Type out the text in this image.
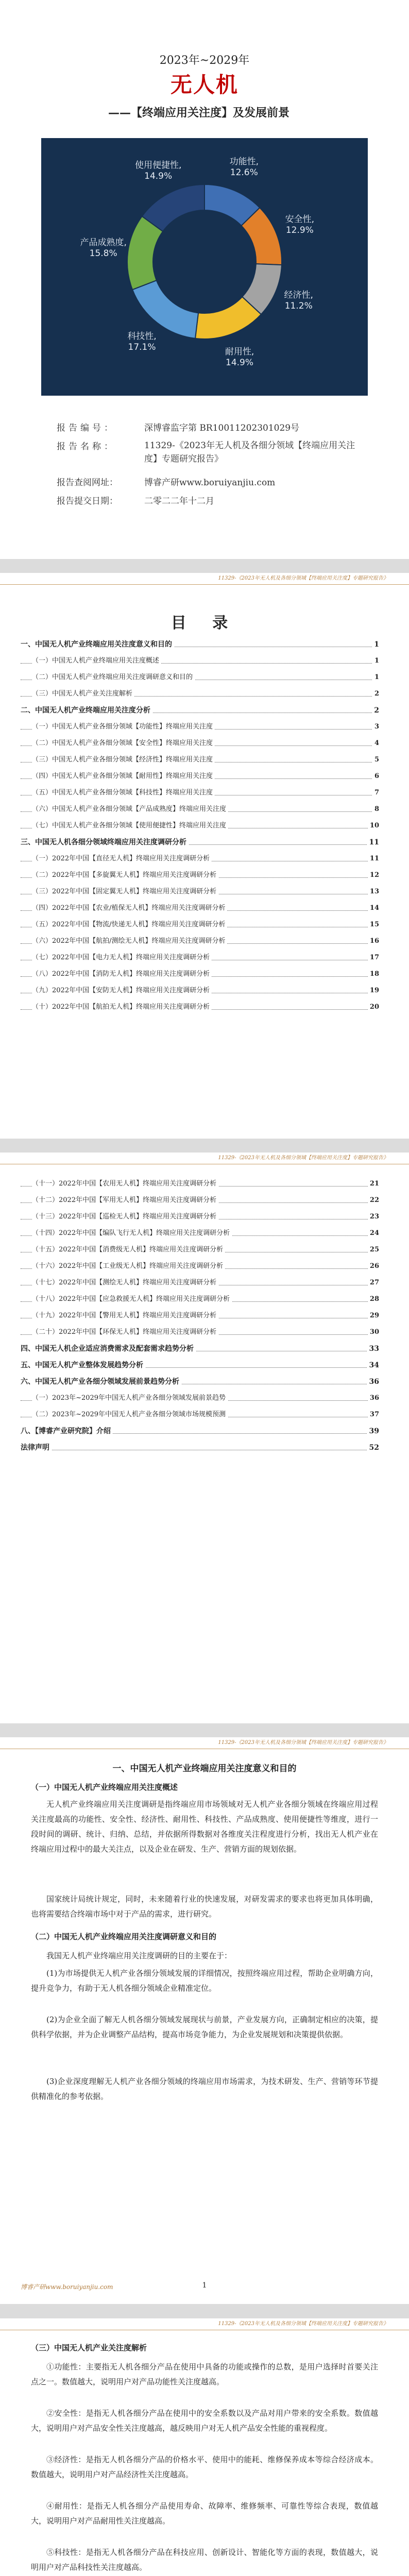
2023年~2029年
无人机
——【终端应用关注度】及发展前景
功能性,
12.6%
安全性,
12.9%
经济性,
11.2%
耐用性,
14.9%
科技性,
17.1%
产品成熟度,
15.8%
使用便捷性,
14.9%
报告编号：	深博睿监字第 BR10011202301029号
报告名称：	11329-《2023年无人机及各细分领域【终端应用关注度】专题研究报告》
报告查阅网址：	博睿产研www.boruiyanjiu.com
报告提交日期：	二零二二年十二月
11329-《2023年无人机及各细分领域【终端应用关注度】专题研究报告》
目 录
一、中国无人机产业终端应用关注度意义和目的	1
（一）中国无人机产业终端应用关注度概述	1
（二）中国无人机产业终端应用关注度调研意义和目的	1
（三）中国无人机产业关注度解析	2
二、中国无人机产业终端应用关注度分析	2
（一）中国无人机产业各细分领域【功能性】终端应用关注度	3
（二）中国无人机产业各细分领域【安全性】终端应用关注度	4
（三）中国无人机产业各细分领域【经济性】终端应用关注度	5
（四）中国无人机产业各细分领域【耐用性】终端应用关注度	6
（五）中国无人机产业各细分领域【科技性】终端应用关注度	7
（六）中国无人机产业各细分领域【产品成熟度】终端应用关注度	8
（七）中国无人机产业各细分领域【使用便捷性】终端应用关注度	10
三、中国无人机各细分领域终端应用关注度调研分析	11
（一）2022年中国【直径无人机】终端应用关注度调研分析	11
（二）2022年中国【多旋翼无人机】终端应用关注度调研分析	12
（三）2022年中国【固定翼无人机】终端应用关注度调研分析	13
（四）2022年中国【农业/植保无人机】终端应用关注度调研分析	14
（五）2022年中国【物流/快递无人机】终端应用关注度调研分析	15
（六）2022年中国【航拍/测绘无人机】终端应用关注度调研分析	16
（七）2022年中国【电力无人机】终端应用关注度调研分析	17
（八）2022年中国【消防无人机】终端应用关注度调研分析	18
（九）2022年中国【安防无人机】终端应用关注度调研分析	19
（十）2022年中国【航拍无人机】终端应用关注度调研分析	20
11329-《2023年无人机及各细分领域【终端应用关注度】专题研究报告》
（十一）2022年中国【农用无人机】终端应用关注度调研分析	21
（十二）2022年中国【军用无人机】终端应用关注度调研分析	22
（十三）2022年中国【巡检无人机】终端应用关注度调研分析	23
（十四）2022年中国【编队飞行无人机】终端应用关注度调研分析	24
（十五）2022年中国【消费级无人机】终端应用关注度调研分析	25
（十六）2022年中国【工业级无人机】终端应用关注度调研分析	26
（十七）2022年中国【测绘无人机】终端应用关注度调研分析	27
（十八）2022年中国【应急救援无人机】终端应用关注度调研分析	28
（十九）2022年中国【警用无人机】终端应用关注度调研分析	29
（二十）2022年中国【环保无人机】终端应用关注度调研分析	30
四、中国无人机企业适应消费需求及配套需求趋势分析	33
五、中国无人机产业整体发展趋势分析	34
六、中国无人机产业各细分领域发展前景趋势分析	36
（一）2023年~2029年中国无人机产业各细分领域发展前景趋势	36
（二）2023年~2029年中国无人机产业各细分领域市场规模预测	37
八、【博睿产业研究院】介绍	39
法律声明	52
11329-《2023年无人机及各细分领域【终端应用关注度】专题研究报告》
一、中国无人机产业终端应用关注度意义和目的
（一）中国无人机产业终端应用关注度概述
无人机产业终端应用关注度调研是指终端应用市场领域对无人机产业各细分领域在终端应用过程关注度最高的功能性、安全性、经济性、耐用性、科技性、产品成熟度、使用便捷性等维度，进行一段时间的调研、统计、归纳、总结，并依据所得数据对各维度关注程度进行分析，找出无人机产业在终端应用过程中的最大关注点，以及企业在研发、生产、营销方面的规划依据。
国家统计局统计规定，同时，未来随着行业的快速发展，对研发需求的要求也将更加具体明确，也将需要结合终端市场中对于产品的需求，进行研究。
（二）中国无人机产业终端应用关注度调研意义和目的
我国无人机产业终端应用关注度调研的目的主要在于：
(1)为市场提供无人机产业各细分领域发展的详细情况，按照终端应用过程，帮助企业明确方向，提升竞争力，有助于无人机各细分领域企业精准定位。
(2)为企业全面了解无人机各细分领域发展现状与前景，产业发展方向，正确制定相应的决策，提供科学依据，并为企业调整产品结构，提高市场竞争能力，为企业发展规划和决策提供依据。
(3)企业深度理解无人机产业各细分领域的终端应用市场需求，为技术研发、生产、营销等环节提供精准化的参考依据。
博睿产研www.boruiyanjiu.com	1
11329-《2023年无人机及各细分领域【终端应用关注度】专题研究报告》
（三）中国无人机产业关注度解析
①功能性：主要指无人机各细分产品在使用中具备的功能或操作的总数，是用户选择时首要关注点之一。数值越大，说明用户对产品功能性关注度越高。
②安全性：是指无人机各细分产品在使用中的安全系数以及产品对用户带来的安全系数。数值越大，说明用户对产品安全性关注度越高，越反映用户对无人机产品安全性能的重视程度。
③经济性：是指无人机各细分产品的价格水平、使用中的能耗、维修保养成本等综合经济成本。数值越大，说明用户对产品经济性关注度越高。
④耐用性：是指无人机各细分产品使用寿命、故障率、维修频率、可靠性等综合表现，数值越大，说明用户对产品耐用性关注度越高。
⑤科技性：是指无人机各细分产品在科技应用、创新设计、智能化等方面的表现，数值越大，说明用户对产品科技性关注度越高。
